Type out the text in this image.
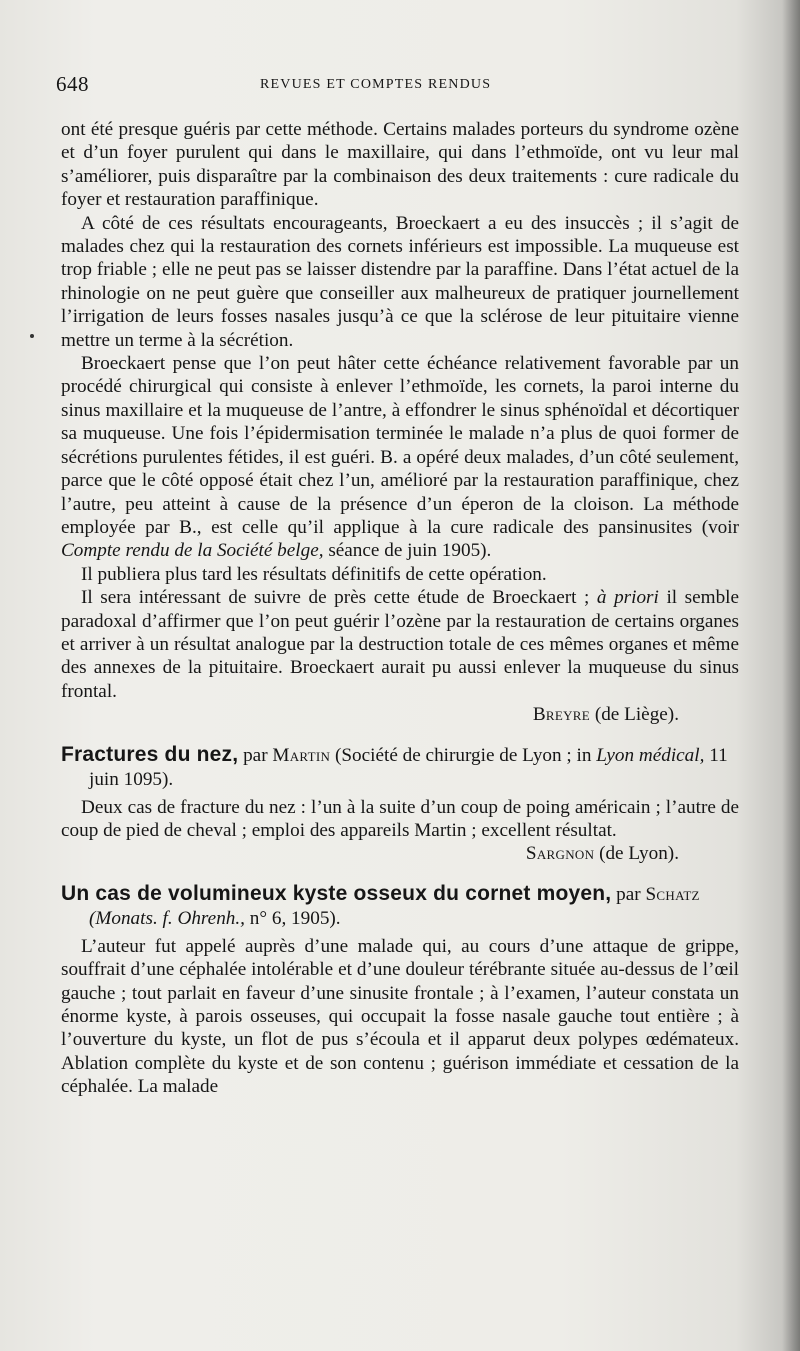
648	REVUES ET COMPTES RENDUS

ont été presque guéris par cette méthode. Certains malades porteurs du syndrome ozène et d’un foyer purulent qui dans le maxillaire, qui dans l’ethmoïde, ont vu leur mal s’améliorer, puis disparaître par la combinaison des deux traitements : cure radicale du foyer et restauration paraffinique.

A côté de ces résultats encourageants, Broeckaert a eu des insuccès ; il s’agit de malades chez qui la restauration des cornets inférieurs est impossible. La muqueuse est trop friable ; elle ne peut pas se laisser distendre par la paraffine. Dans l’état actuel de la rhinologie on ne peut guère que conseiller aux malheureux de pratiquer journellement l’irrigation de leurs fosses nasales jusqu’à ce que la sclérose de leur pituitaire vienne mettre un terme à la sécrétion.

Broeckaert pense que l’on peut hâter cette échéance relativement favorable par un procédé chirurgical qui consiste à enlever l’ethmoïde, les cornets, la paroi interne du sinus maxillaire et la muqueuse de l’antre, à effondrer le sinus sphénoïdal et décortiquer sa muqueuse. Une fois l’épidermisation terminée le malade n’a plus de quoi former de sécrétions purulentes fétides, il est guéri. B. a opéré deux malades, d’un côté seulement, parce que le côté opposé était chez l’un, amélioré par la restauration paraffinique, chez l’autre, peu atteint à cause de la présence d’un éperon de la cloison. La méthode employée par B., est celle qu’il applique à la cure radicale des pansinusites (voir Compte rendu de la Société belge, séance de juin 1905).

Il publiera plus tard les résultats définitifs de cette opération.

Il sera intéressant de suivre de près cette étude de Broeckaert ; à priori il semble paradoxal d’affirmer que l’on peut guérir l’ozène par la restauration de certains organes et arriver à un résultat analogue par la destruction totale de ces mêmes organes et même des annexes de la pituitaire. Broeckaert aurait pu aussi enlever la muqueuse du sinus frontal.
Breyre (de Liège).

Fractures du nez, par Martin (Société de chirurgie de Lyon ; in Lyon médical, 11 juin 1095).

Deux cas de fracture du nez : l’un à la suite d’un coup de poing américain ; l’autre de coup de pied de cheval ; emploi des appareils Martin ; excellent résultat.
Sargnon (de Lyon).

Un cas de volumineux kyste osseux du cornet moyen, par Schatz (Monats. f. Ohrenh., n° 6, 1905).

L’auteur fut appelé auprès d’une malade qui, au cours d’une attaque de grippe, souffrait d’une céphalée intolérable et d’une douleur térébrante située au-dessus de l’œil gauche ; tout parlait en faveur d’une sinusite frontale ; à l’examen, l’auteur constata un énorme kyste, à parois osseuses, qui occupait la fosse nasale gauche tout entière ; à l’ouverture du kyste, un flot de pus s’écoula et il apparut deux polypes œdémateux. Ablation complète du kyste et de son contenu ; guérison immédiate et cessation de la céphalée. La malade
